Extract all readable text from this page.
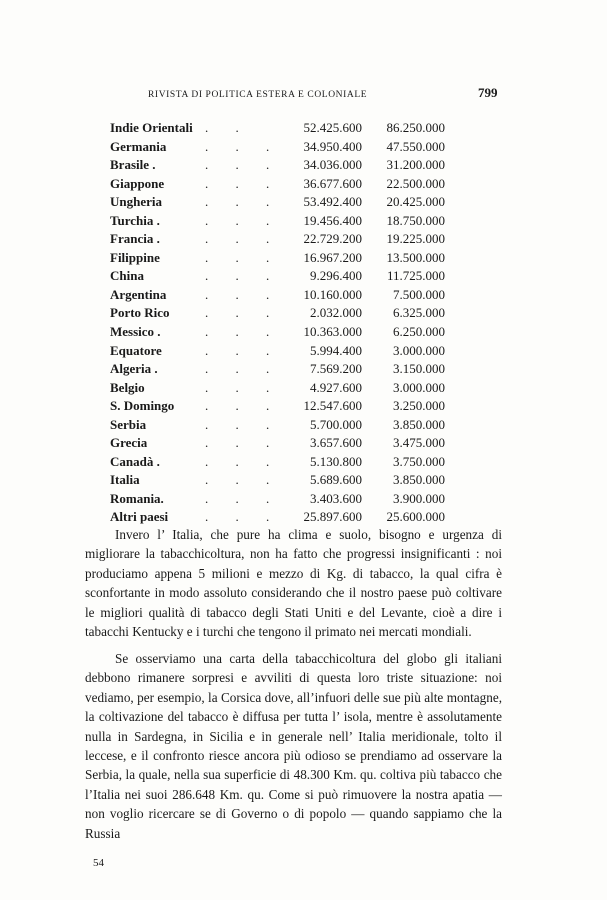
RIVISTA DI POLITICA ESTERA E COLONIALE	799
Indie Orientali . .	52.425.600 86.250.000
Germania	. . . 34.950.400 47.550.000
Brasile .	. . . 34.036.000 31.200.000
Giappone	. . . 36.677.600 22.500.000
Ungheria	. . . 53.492.400 20.425.000
Turchia .	. . . 19.456.400 18.750.000
Francia .	. . . 22.729.200 19.225.000
Filippine	. . . 16.967.200 13.500.000
China	. . . 9.296.400 11.725.000
Argentina	. . . 10.160.000 7.500.000
Porto Rico	. . . 2.032.000 6.325.000
Messico .	. . . 10.363.000 6.250.000
Equatore	. . . 5.994.400 3.000.000
Algeria .	. . . 7.569.200 3.150.000
Belgio	. . . 4.927.600 3.000.000
S. Domingo . . . 12.547.600 3.250.000
Serbia	. . . 5.700.000 3.850.000
Grecia	. . . 3.657.600 3.475.000
Canadà .	. . . 5.130.800 3.750.000
Italia	. . . 5.689.600 3.850.000
Romania.	. . . 3.403.600 3.900.000
Altri paesi	. . . 25.897.600 25.600.000

Invero l’ Italia, che pure ha clima e suolo, bisogno e urgenza di migliorare la tabacchicoltura, non ha fatto che progressi insignificanti : noi produciamo appena 5 milioni e mezzo di Kg. di tabacco, la qual cifra è sconfortante in modo assoluto considerando che il nostro paese può coltivare le migliori qualità di tabacco degli Stati Uniti e del Levante, cioè a dire i tabacchi Kentucky e i turchi che tengono il primato nei mercati mondiali.

Se osserviamo una carta della tabacchicoltura del globo gli italiani debbono rimanere sorpresi e avviliti di questa loro triste situazione: noi vediamo, per esempio, la Corsica dove, all’infuori delle sue più alte montagne, la coltivazione del tabacco è diffusa per tutta l’ isola, mentre è assolutamente nulla in Sardegna, in Sicilia e in generale nell’ Italia meridionale, tolto il leccese, e il confronto riesce ancora più odioso se prendiamo ad osservare la Serbia, la quale, nella sua superficie di 48.300 Km. qu. coltiva più tabacco che l’Italia nei suoi 286.648 Km. qu. Come si può rimuovere la nostra apatia — non voglio ricercare se di Governo o di popolo — quando sappiamo che la Russia

54
